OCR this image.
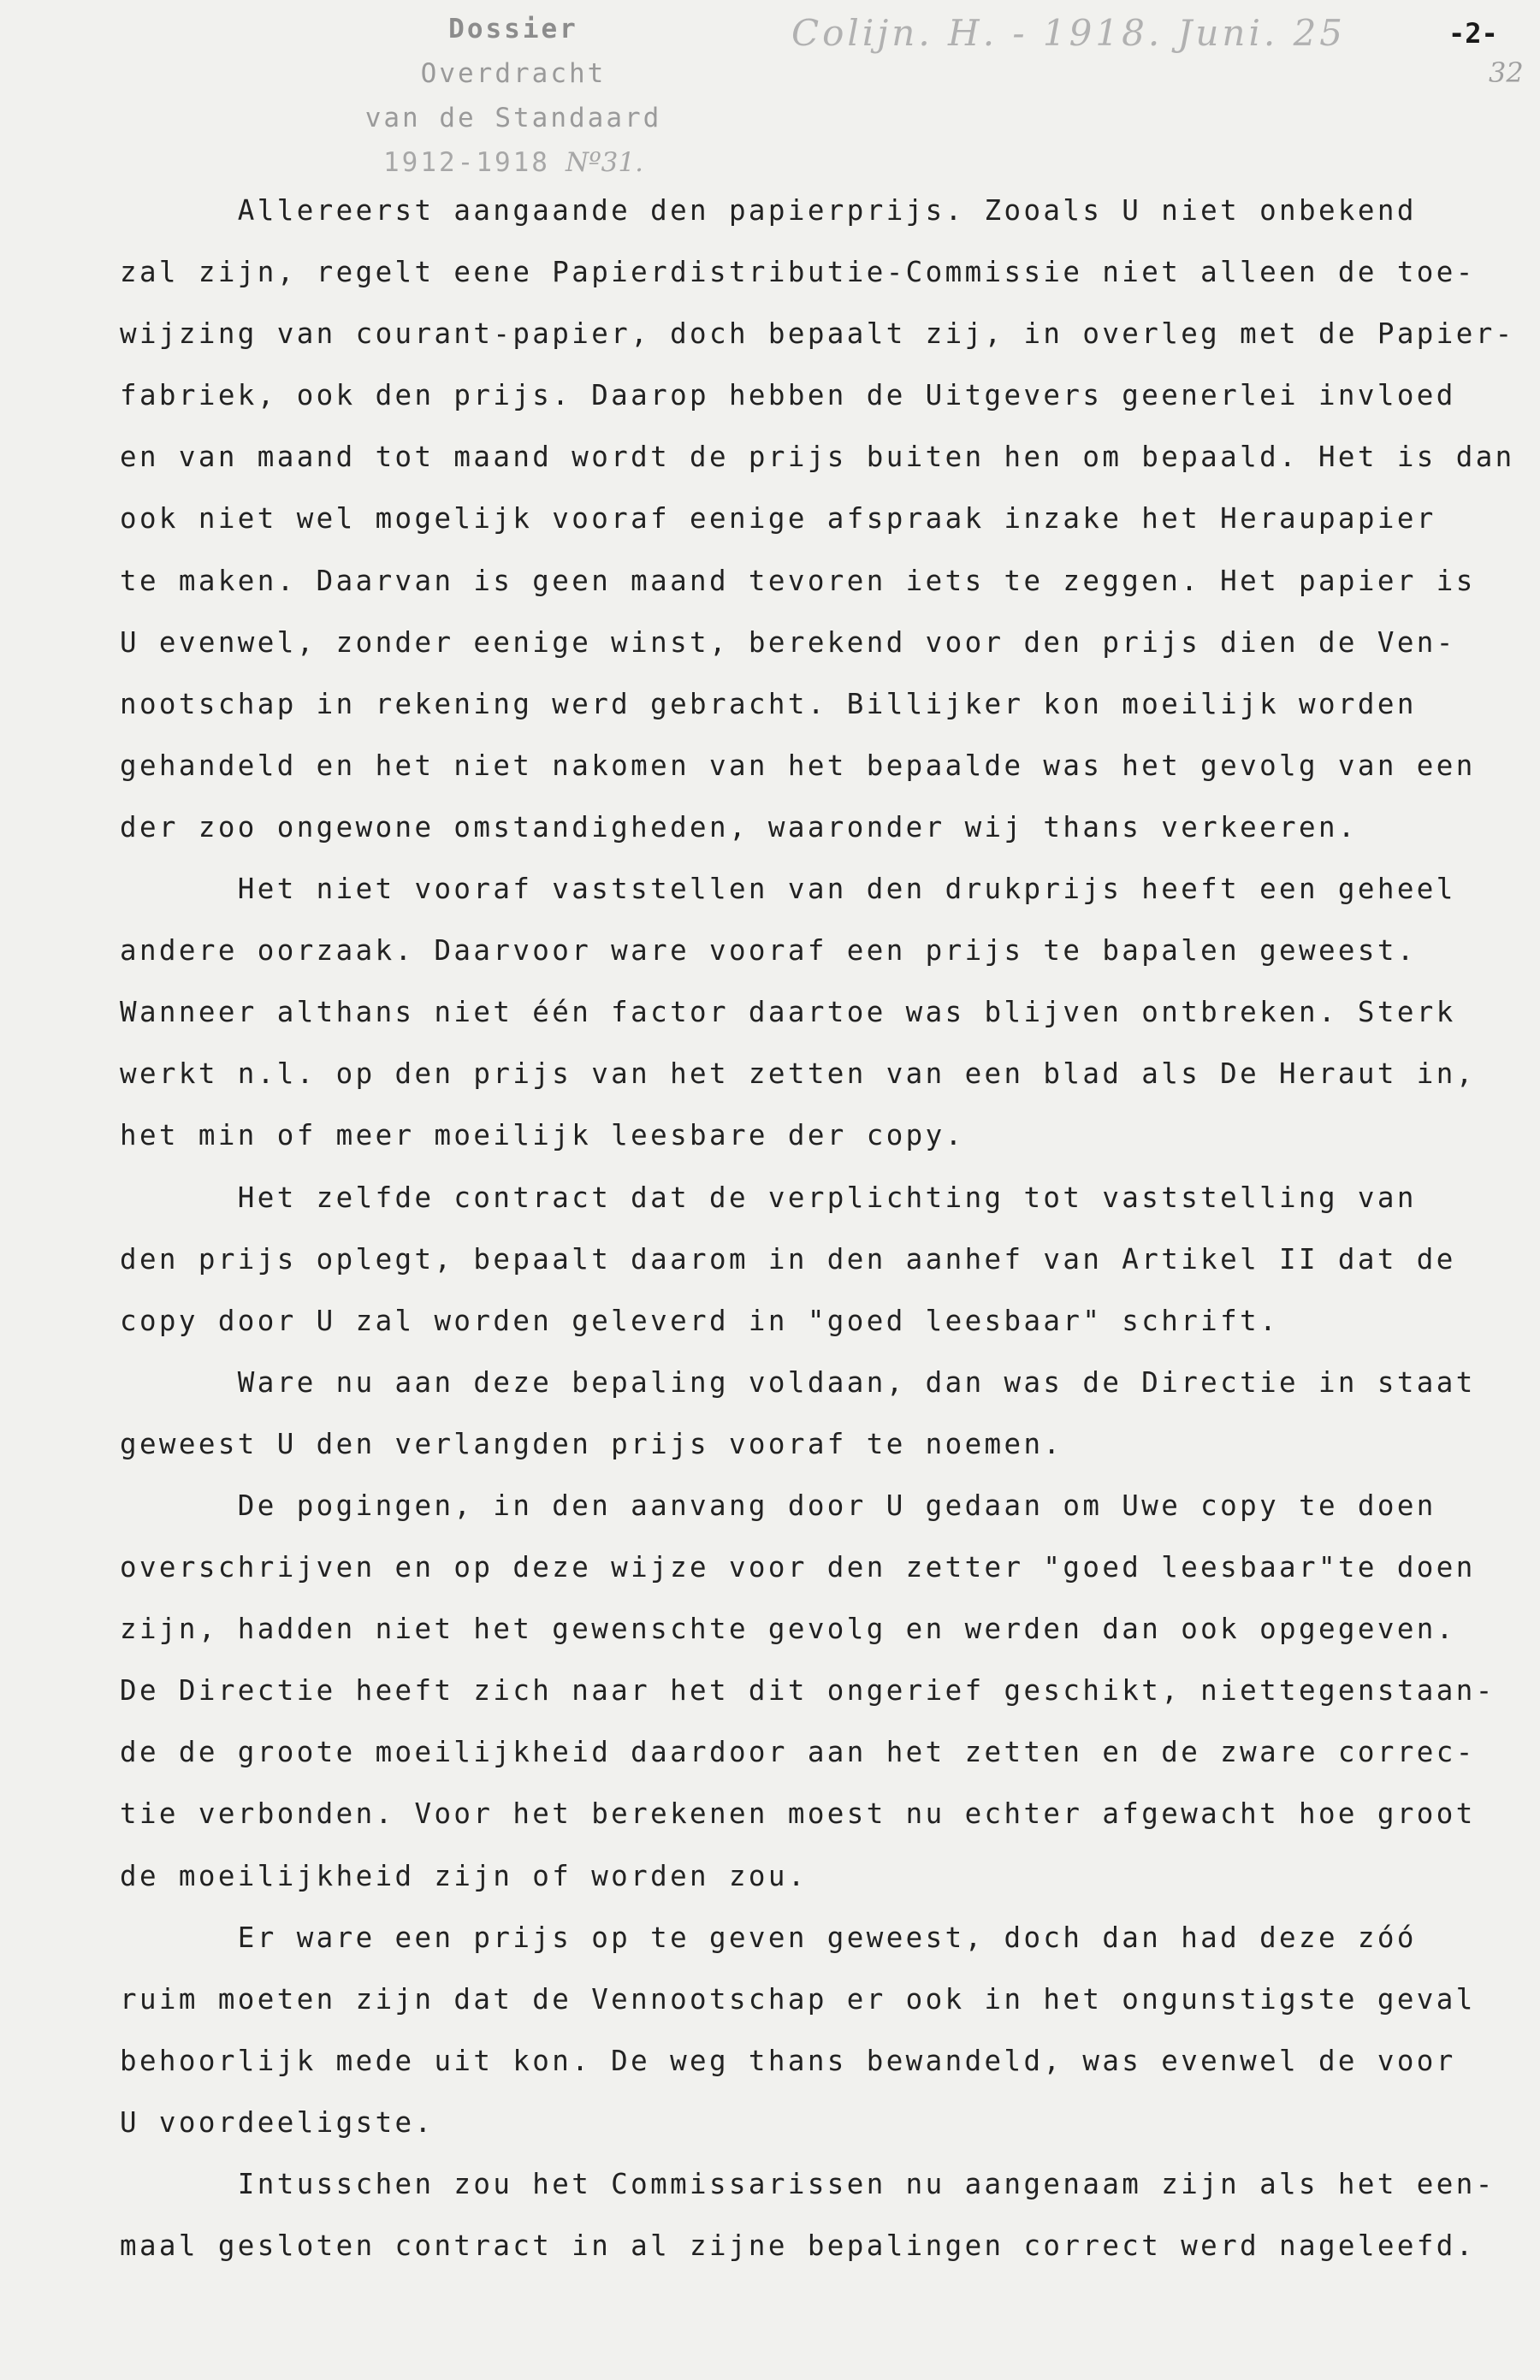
Dossier
Overdracht
van de Standaard
1912-1918 Nº31.
Colijn. H. - 1918. Juni. 25	-2-
32
Allereerst aangaande den papierprijs. Zooals U niet onbekend
zal zijn, regelt eene Papierdistributie-Commissie niet alleen de toe-
wijzing van courant-papier, doch bepaalt zij, in overleg met de Papier-
fabriek, ook den prijs. Daarop hebben de Uitgevers geenerlei invloed
en van maand tot maand wordt de prijs buiten hen om bepaald. Het is dan
ook niet wel mogelijk vooraf eenige afspraak inzake het Heraupapier
te maken. Daarvan is geen maand tevoren iets te zeggen. Het papier is
U evenwel, zonder eenige winst, berekend voor den prijs dien de Ven-
nootschap in rekening werd gebracht. Billijker kon moeilijk worden
gehandeld en het niet nakomen van het bepaalde was het gevolg van een
der zoo ongewone omstandigheden, waaronder wij thans verkeeren.
Het niet vooraf vaststellen van den drukprijs heeft een geheel
andere oorzaak. Daarvoor ware vooraf een prijs te bapalen geweest.
Wanneer althans niet één factor daartoe was blijven ontbreken. Sterk
werkt n.l. op den prijs van het zetten van een blad als De Heraut in,
het min of meer moeilijk leesbare der copy.
Het zelfde contract dat de verplichting tot vaststelling van
den prijs oplegt, bepaalt daarom in den aanhef van Artikel II dat de
copy door U zal worden geleverd in "goed leesbaar" schrift.
Ware nu aan deze bepaling voldaan, dan was de Directie in staat
geweest U den verlangden prijs vooraf te noemen.
De pogingen, in den aanvang door U gedaan om Uwe copy te doen
overschrijven en op deze wijze voor den zetter "goed leesbaar"te doen
zijn, hadden niet het gewenschte gevolg en werden dan ook opgegeven.
De Directie heeft zich naar het dit ongerief geschikt, niettegenstaan-
de de groote moeilijkheid daardoor aan het zetten en de zware correc-
tie verbonden. Voor het berekenen moest nu echter afgewacht hoe groot
de moeilijkheid zijn of worden zou.
Er ware een prijs op te geven geweest, doch dan had deze zóó
ruim moeten zijn dat de Vennootschap er ook in het ongunstigste geval
behoorlijk mede uit kon. De weg thans bewandeld, was evenwel de voor
U voordeeligste.
Intusschen zou het Commissarissen nu aangenaam zijn als het een-
maal gesloten contract in al zijne bepalingen correct werd nageleefd.
